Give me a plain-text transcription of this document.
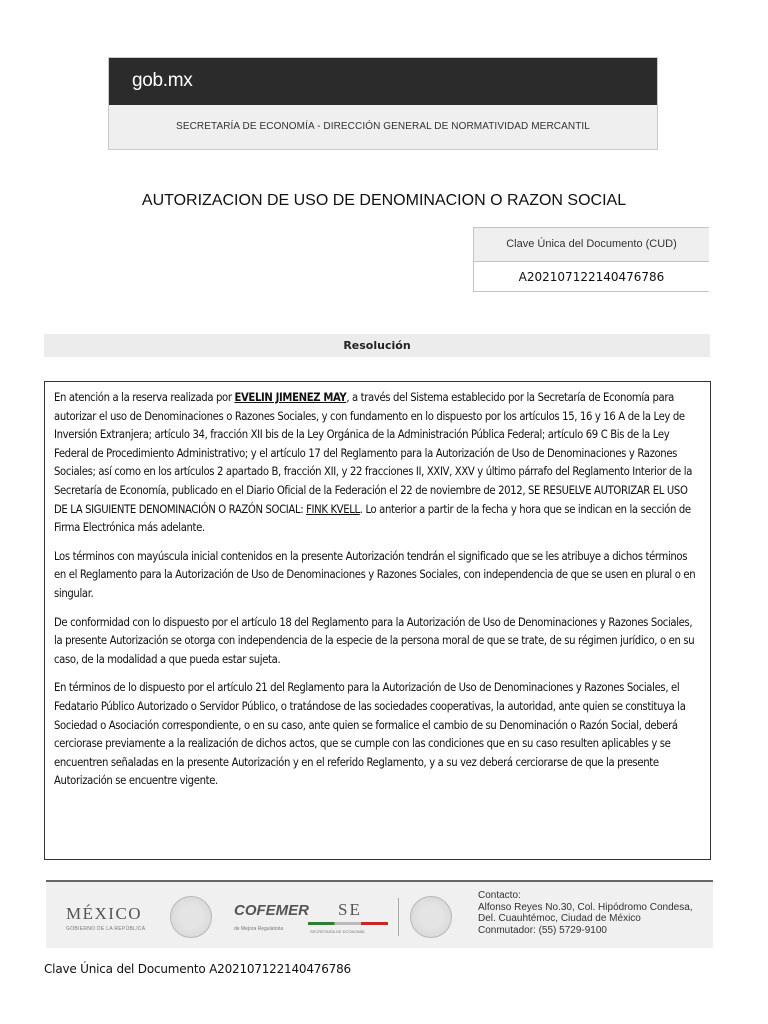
gob.mx
SECRETARÍA DE ECONOMÍA - DIRECCIÓN GENERAL DE NORMATIVIDAD MERCANTIL
AUTORIZACION DE USO DE DENOMINACION O RAZON SOCIAL
Clave Única del Documento (CUD)
A202107122140476786
Resolución

En atención a la reserva realizada por EVELIN JIMENEZ MAY, a través del Sistema establecido por la Secretaría de Economía para autorizar el uso de Denominaciones o Razones Sociales, y con fundamento en lo dispuesto por los artículos 15, 16 y 16 A de la Ley de Inversión Extranjera; artículo 34, fracción XII bis de la Ley Orgánica de la Administración Pública Federal; artículo 69 C Bis de la Ley Federal de Procedimiento Administrativo; y el artículo 17 del Reglamento para la Autorización de Uso de Denominaciones y Razones Sociales; así como en los artículos 2 apartado B, fracción XII, y 22 fracciones II, XXIV, XXV y último párrafo del Reglamento Interior de la Secretaría de Economía, publicado en el Diario Oficial de la Federación el 22 de noviembre de 2012, SE RESUELVE AUTORIZAR EL USO DE LA SIGUIENTE DENOMINACIÓN O RAZÓN SOCIAL: FINK KVELL. Lo anterior a partir de la fecha y hora que se indican en la sección de Firma Electrónica más adelante.

Los términos con mayúscula inicial contenidos en la presente Autorización tendrán el significado que se les atribuye a dichos términos en el Reglamento para la Autorización de Uso de Denominaciones y Razones Sociales, con independencia de que se usen en plural o en singular.

De conformidad con lo dispuesto por el artículo 18 del Reglamento para la Autorización de Uso de Denominaciones y Razones Sociales, la presente Autorización se otorga con independencia de la especie de la persona moral de que se trate, de su régimen jurídico, o en su caso, de la modalidad a que pueda estar sujeta.

En términos de lo dispuesto por el artículo 21 del Reglamento para la Autorización de Uso de Denominaciones y Razones Sociales, el Fedatario Público Autorizado o Servidor Público, o tratándose de las sociedades cooperativas, la autoridad, ante quien se constituya la Sociedad o Asociación correspondiente, o en su caso, ante quien se formalice el cambio de su Denominación o Razón Social, deberá cerciorase previamente a la realización de dichos actos, que se cumple con las condiciones que en su caso resulten aplicables y se encuentren señaladas en la presente Autorización y en el referido Reglamento, y a su vez deberá cerciorarse de que la presente Autorización se encuentre vigente.

MÉXICO
GOBIERNO DE LA REPÚBLICA
COFEMER
de Mejora Regulatoria
SE
SECRETARÍA DE ECONOMÍA
Contacto:
Alfonso Reyes No.30, Col. Hipódromo Condesa,
Del. Cuauhtémoc, Ciudad de México
Conmutador: (55) 5729-9100
Clave Única del Documento A202107122140476786
